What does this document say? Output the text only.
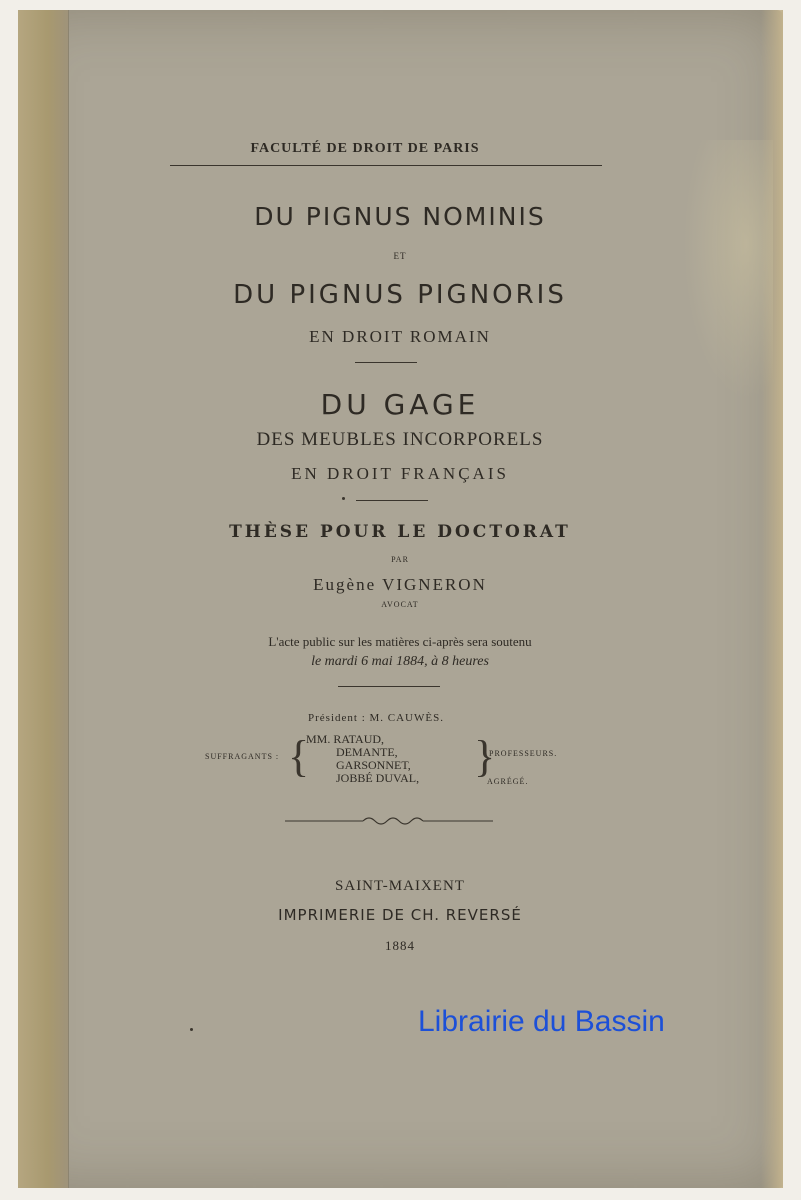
FACULTÉ DE DROIT DE PARIS
DU PIGNUS NOMINIS
ET
DU PIGNUS PIGNORIS
EN DROIT ROMAIN
DU GAGE
DES MEUBLES INCORPORELS
EN DROIT FRANÇAIS
THÈSE POUR LE DOCTORAT
PAR
Eugène VIGNERON
AVOCAT
L'acte public sur les matières ci-après sera soutenu
le mardi 6 mai 1884, à 8 heures
Président : M. CAUWÈS.
SUFFRAGANTS : {
MM. RATAUD,
DEMANTE,
GARSONNET,
JOBBÉ DUVAL, }
PROFESSEURS.
AGRÉGÉ.
SAINT-MAIXENT
IMPRIMERIE DE CH. REVERSÉ
1884
Librairie du Bassin
